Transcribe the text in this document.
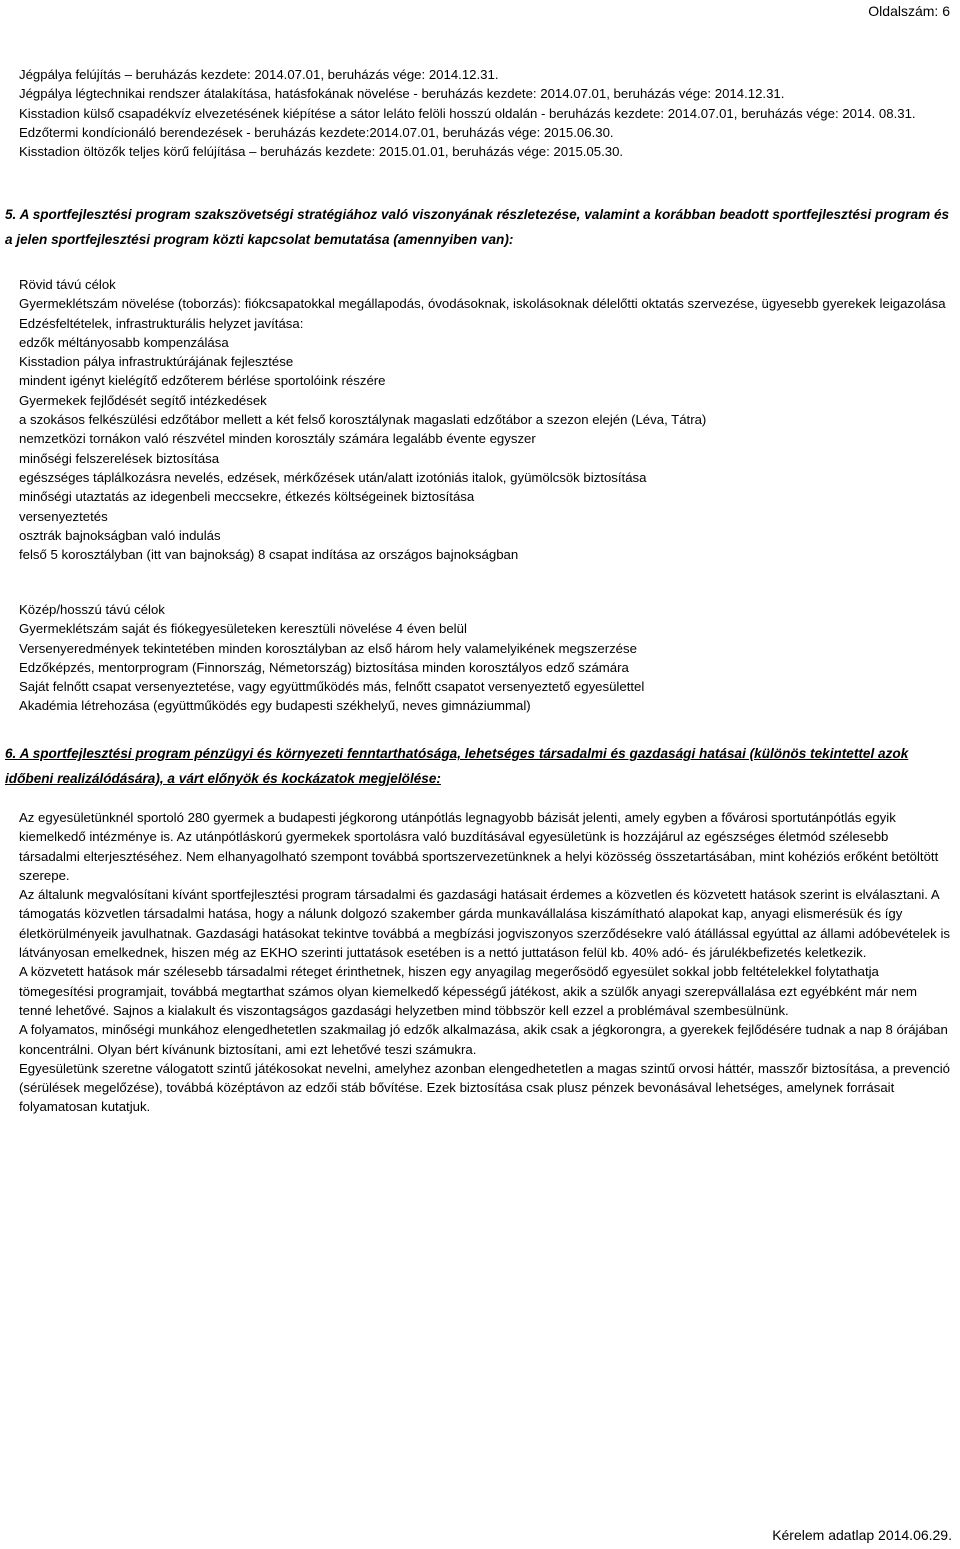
Oldalszám: 6

Jégpálya felújítás – beruházás kezdete: 2014.07.01, beruházás vége: 2014.12.31.

Jégpálya légtechnikai rendszer átalakítása, hatásfokának növelése - beruházás kezdete: 2014.07.01, beruházás vége: 2014.12.31.

Kisstadion külső csapadékvíz elvezetésének kiépítése a sátor leláto felöli hosszú oldalán - beruházás kezdete: 2014.07.01, beruházás vége: 2014. 08.31.

Edzőtermi kondícionáló berendezések - beruházás kezdete:2014.07.01, beruházás vége: 2015.06.30.

Kisstadion öltözők teljes körű felújítása – beruházás kezdete: 2015.01.01, beruházás vége: 2015.05.30.

5. A sportfejlesztési program szakszövetségi stratégiához való viszonyának részletezése, valamint a korábban beadott sportfejlesztési program és a jelen sportfejlesztési program közti kapcsolat bemutatása (amennyiben van):

Rövid távú célok

Gyermeklétszám növelése (toborzás): fiókcsapatokkal megállapodás, óvodásoknak, iskolásoknak délelőtti oktatás szervezése, ügyesebb gyerekek leigazolása

Edzésfeltételek, infrastrukturális helyzet javítása:

edzők méltányosabb kompenzálása

Kisstadion pálya infrastruktúrájának fejlesztése

mindent igényt kielégítő edzőterem bérlése sportolóink részére

Gyermekek fejlődését segítő intézkedések

a szokásos felkészülési edzőtábor mellett a két felső korosztálynak magaslati edzőtábor a szezon elején (Léva, Tátra)

nemzetközi tornákon való részvétel minden korosztály számára legalább évente egyszer

minőségi felszerelések biztosítása

egészséges táplálkozásra nevelés, edzések, mérkőzések után/alatt izotóniás italok, gyümölcsök biztosítása

minőségi utaztatás az idegenbeli meccsekre, étkezés költségeinek biztosítása

versenyeztetés

osztrák bajnokságban való indulás

felső 5 korosztályban (itt van bajnokság) 8 csapat indítása az országos bajnokságban

Közép/hosszú távú célok

Gyermeklétszám saját és fiókegyesületeken keresztüli növelése 4 éven belül

Versenyeredmények tekintetében minden korosztályban az első három hely valamelyikének megszerzése

Edzőképzés, mentorprogram (Finnország, Németország) biztosítása minden korosztályos edző számára

Saját felnőtt csapat versenyeztetése, vagy együttműködés más, felnőtt csapatot versenyeztető egyesülettel

Akadémia létrehozása (együttműködés egy budapesti székhelyű, neves gimnáziummal)

6. A sportfejlesztési program pénzügyi és környezeti fenntarthatósága, lehetséges társadalmi és gazdasági hatásai (különös tekintettel azok időbeni realizálódására), a várt előnyök és kockázatok megjelölése:

Az egyesületünknél sportoló 280 gyermek a budapesti jégkorong utánpótlás legnagyobb bázisát jelenti, amely egyben a fővárosi sportutánpótlás egyik kiemelkedő intézménye is. Az utánpótláskorú gyermekek sportolásra való buzdításával egyesületünk is hozzájárul az egészséges életmód szélesebb társadalmi elterjesztéséhez. Nem elhanyagolható szempont továbbá sportszervezetünknek a helyi közösség összetartásában, mint kohéziós erőként betöltött szerepe.

Az általunk megvalósítani kívánt sportfejlesztési program társadalmi és gazdasági hatásait érdemes a közvetlen és közvetett hatások szerint is elválasztani. A támogatás közvetlen társadalmi hatása, hogy a nálunk dolgozó szakember gárda munkavállalása kiszámítható alapokat kap, anyagi elismerésük és így életkörülményeik javulhatnak. Gazdasági hatásokat tekintve továbbá a megbízási jogviszonyos szerződésekre való átállással egyúttal az állami adóbevételek is látványosan emelkednek, hiszen még az EKHO szerinti juttatások esetében is a nettó juttatáson felül kb. 40% adó- és járulékbefizetés keletkezik.

A közvetett hatások már szélesebb társadalmi réteget érinthetnek, hiszen egy anyagilag megerősödő egyesület sokkal jobb feltételekkel folytathatja tömegesítési programjait, továbbá megtarthat számos olyan kiemelkedő képességű játékost, akik a szülők anyagi szerepvállalása ezt egyébként már nem tenné lehetővé. Sajnos a kialakult és viszontagságos gazdasági helyzetben mind többször kell ezzel a problémával szembesülnünk.

A folyamatos, minőségi munkához elengedhetetlen szakmailag jó edzők alkalmazása, akik csak a jégkorongra, a gyerekek fejlődésére tudnak a nap 8 órájában koncentrálni. Olyan bért kívánunk biztosítani, ami ezt lehetővé teszi számukra.

Egyesületünk szeretne válogatott szintű játékosokat nevelni, amelyhez azonban elengedhetetlen a magas szintű orvosi háttér, masszőr biztosítása, a prevenció (sérülések megelőzése), továbbá középtávon az edzői stáb bővítése. Ezek biztosítása csak plusz pénzek bevonásával lehetséges, amelynek forrásait folyamatosan kutatjuk.

Kérelem adatlap 2014.06.29.
